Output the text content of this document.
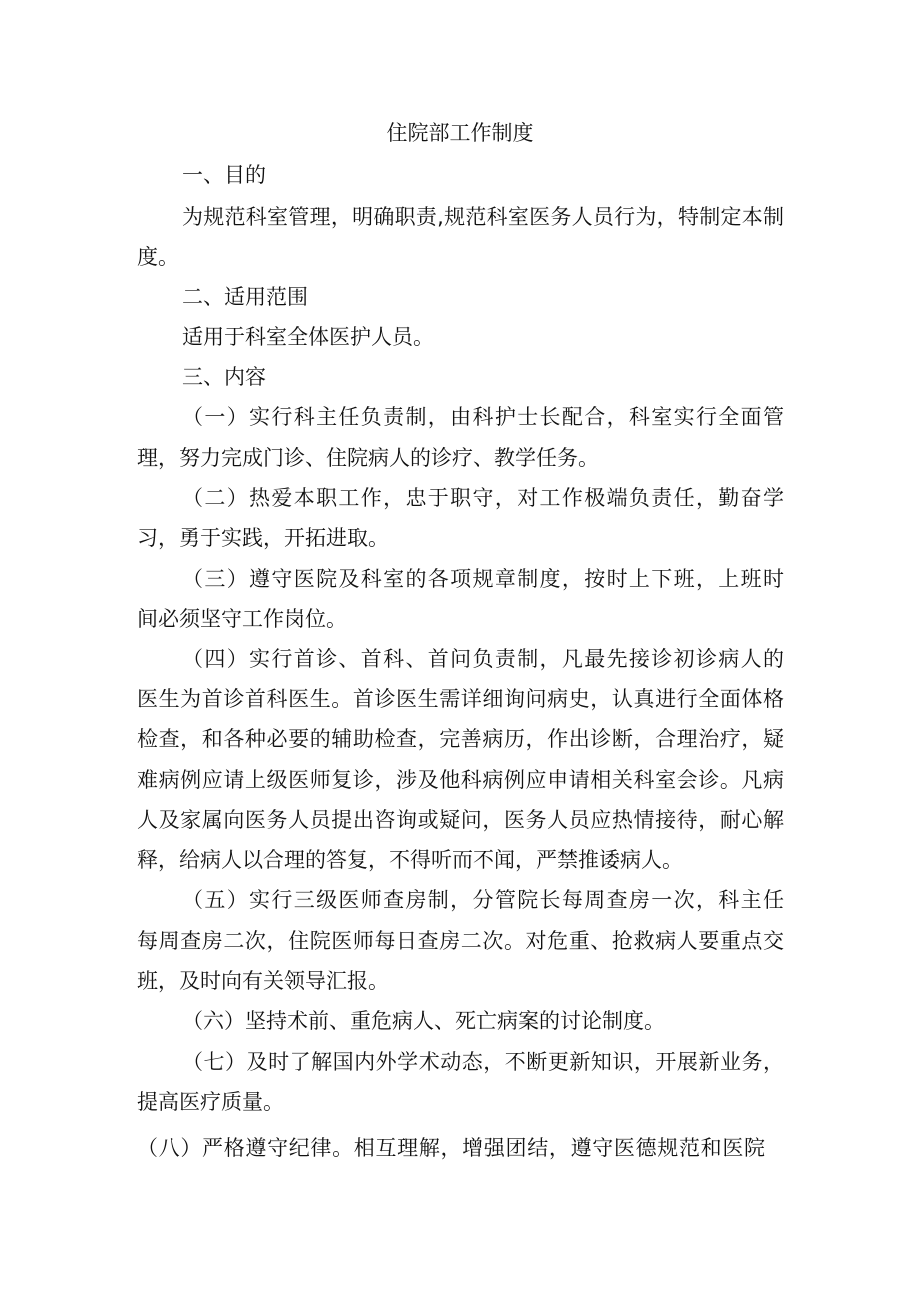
住院部工作制度
一、目的
为规范科室管理，明确职责,规范科室医务人员行为，特制定本制
度。
二、适用范围
适用于科室全体医护人员。
三、内容
（一）实行科主任负责制，由科护士长配合，科室实行全面管
理，努力完成门诊、住院病人的诊疗、教学任务。
（二）热爱本职工作，忠于职守，对工作极端负责任，勤奋学
习，勇于实践，开拓进取。
（三）遵守医院及科室的各项规章制度，按时上下班，上班时
间必须坚守工作岗位。
（四）实行首诊、首科、首问负责制，凡最先接诊初诊病人的
医生为首诊首科医生。首诊医生需详细询问病史，认真进行全面体格
检查，和各种必要的辅助检查，完善病历，作出诊断，合理治疗，疑
难病例应请上级医师复诊，涉及他科病例应申请相关科室会诊。凡病
人及家属向医务人员提出咨询或疑问，医务人员应热情接待，耐心解
释，给病人以合理的答复，不得听而不闻，严禁推诿病人。
（五）实行三级医师查房制，分管院长每周查房一次，科主任
每周查房二次，住院医师每日查房二次。对危重、抢救病人要重点交
班，及时向有关领导汇报。
（六）坚持术前、重危病人、死亡病案的讨论制度。
（七）及时了解国内外学术动态，不断更新知识，开展新业务，
提高医疗质量。
（八）严格遵守纪律。相互理解，增强团结，遵守医德规范和医院
